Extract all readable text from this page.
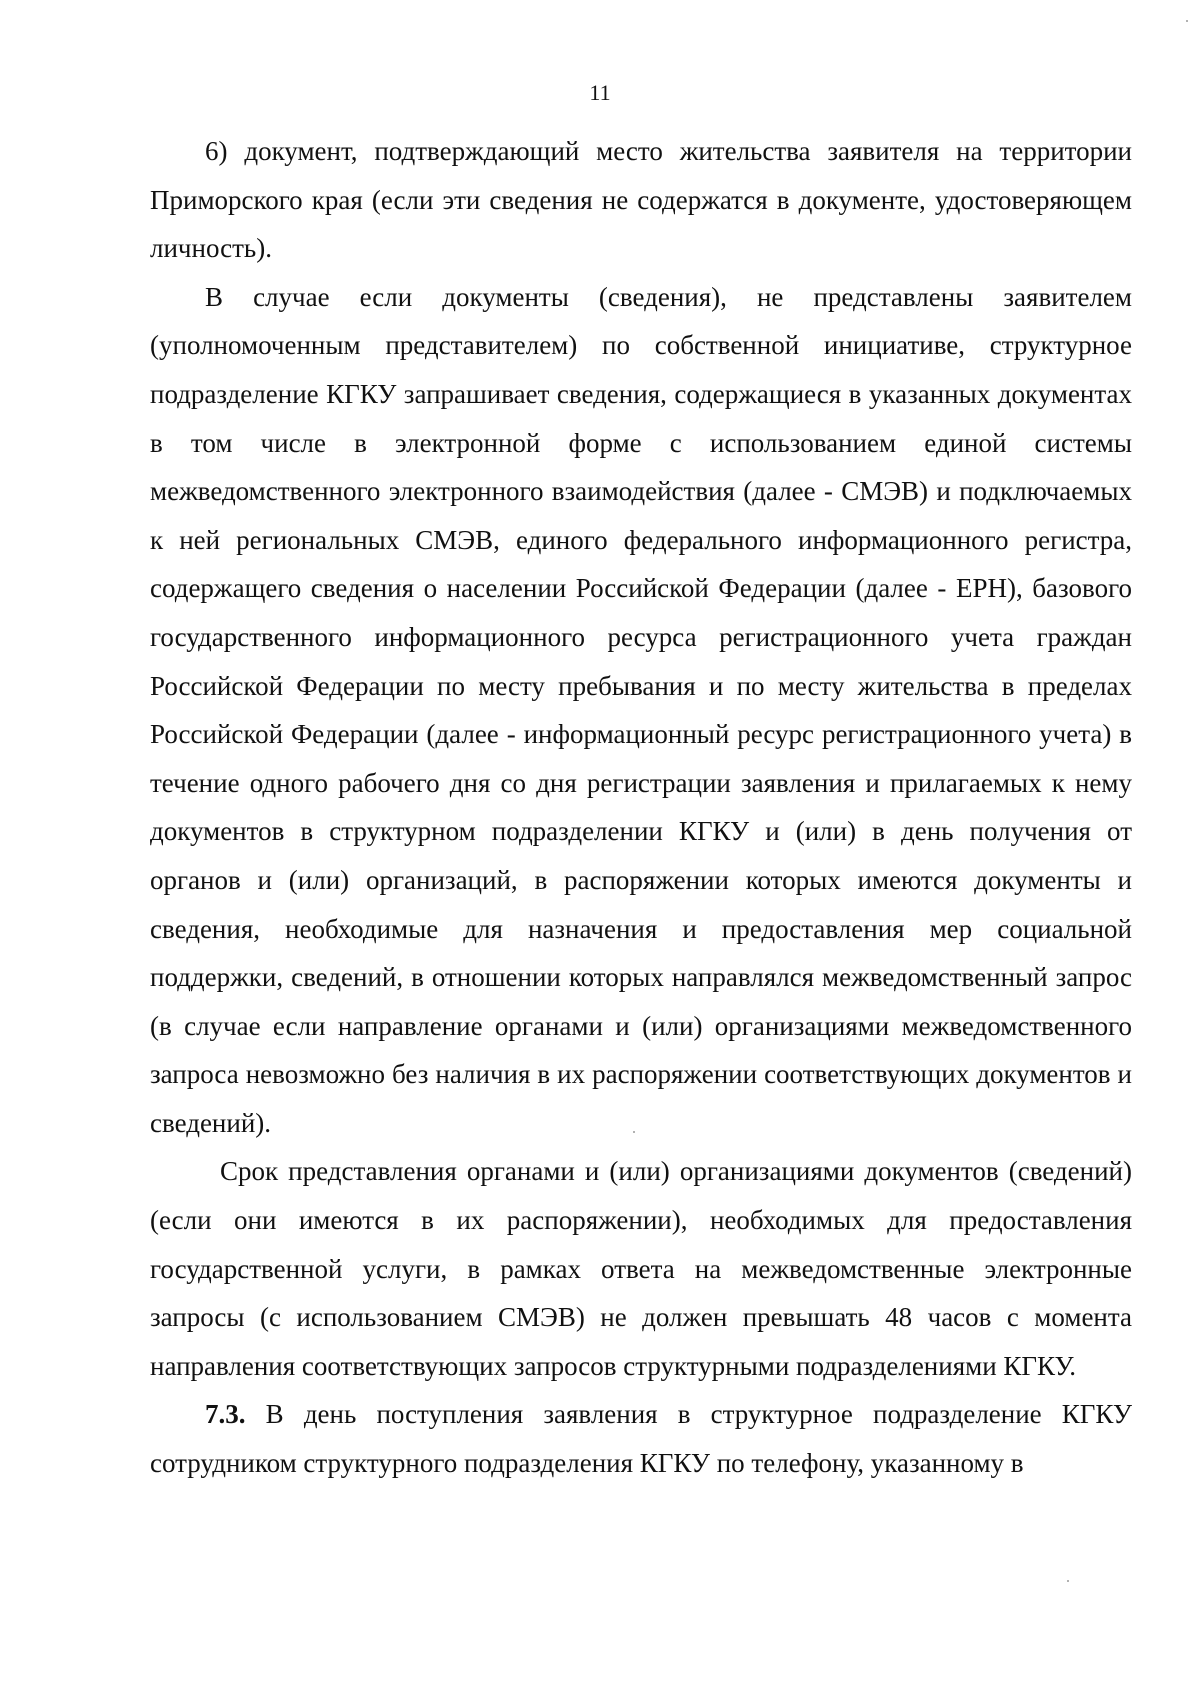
11

6) документ, подтверждающий место жительства заявителя на территории Приморского края (если эти сведения не содержатся в документе, удостоверяющем личность).

В случае если документы (сведения), не представлены заявителем (уполномоченным представителем) по собственной инициативе, структурное подразделение КГКУ запрашивает сведения, содержащиеся в указанных документах в том числе в электронной форме с использованием единой системы межведомственного электронного взаимодействия (далее - СМЭВ) и подключаемых к ней региональных СМЭВ, единого федерального информационного регистра, содержащего сведения о населении Российской Федерации (далее - ЕРН), базового государственного информационного ресурса регистрационного учета граждан Российской Федерации по месту пребывания и по месту жительства в пределах Российской Федерации (далее - информационный ресурс регистрационного учета) в течение одного рабочего дня со дня регистрации заявления и прилагаемых к нему документов в структурном подразделении КГКУ и (или) в день получения от органов и (или) организаций, в распоряжении которых имеются документы и сведения, необходимые для назначения и предоставления мер социальной поддержки, сведений, в отношении которых направлялся межведомственный запрос (в случае если направление органами и (или) организациями межведомственного запроса невозможно без наличия в их распоряжении соответствующих документов и сведений).

Срок представления органами и (или) организациями документов (сведений) (если они имеются в их распоряжении), необходимых для предоставления государственной услуги, в рамках ответа на межведомственные электронные запросы (с использованием СМЭВ) не должен превышать 48 часов с момента направления соответствующих запросов структурными подразделениями КГКУ.

7.3. В день поступления заявления в структурное подразделение КГКУ сотрудником структурного подразделения КГКУ по телефону, указанному в
